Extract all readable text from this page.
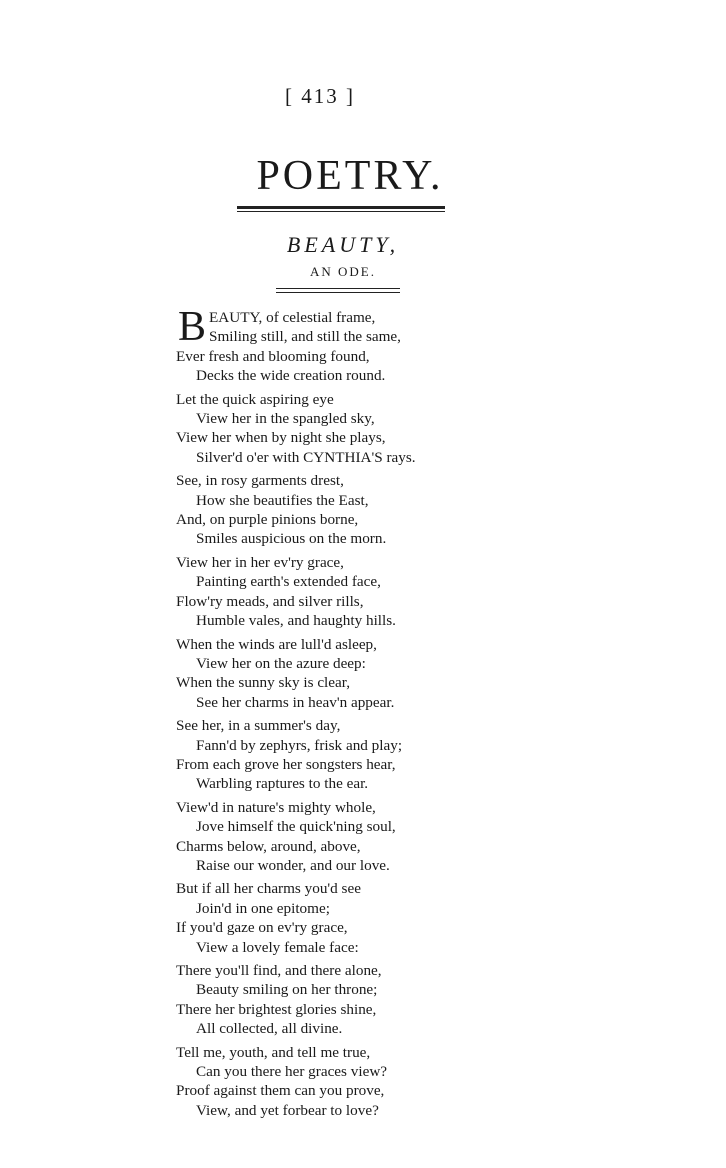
[ 413 ]
POETRY.
BEAUTY,
AN ODE.
BEAUTY, of celestial frame,
Smiling still, and still the same,
Ever fresh and blooming found,
Decks the wide creation round.
Let the quick aspiring eye
View her in the spangled sky,
View her when by night she plays,
Silver'd o'er with CYNTHIA'S rays.
See, in rosy garments drest,
How she beautifies the East,
And, on purple pinions borne,
Smiles auspicious on the morn.
View her in her ev'ry grace,
Painting earth's extended face,
Flow'ry meads, and silver rills,
Humble vales, and haughty hills.
When the winds are lull'd asleep,
View her on the azure deep:
When the sunny sky is clear,
See her charms in heav'n appear.
See her, in a summer's day,
Fann'd by zephyrs, frisk and play;
From each grove her songsters hear,
Warbling raptures to the ear.
View'd in nature's mighty whole,
Jove himself the quick'ning soul,
Charms below, around, above,
Raise our wonder, and our love.
But if all her charms you'd see
Join'd in one epitome;
If you'd gaze on ev'ry grace,
View a lovely female face:
There you'll find, and there alone,
Beauty smiling on her throne;
There her brightest glories shine,
All collected, all divine.
Tell me, youth, and tell me true,
Can you there her graces view?
Proof against them can you prove,
View, and yet forbear to love?
